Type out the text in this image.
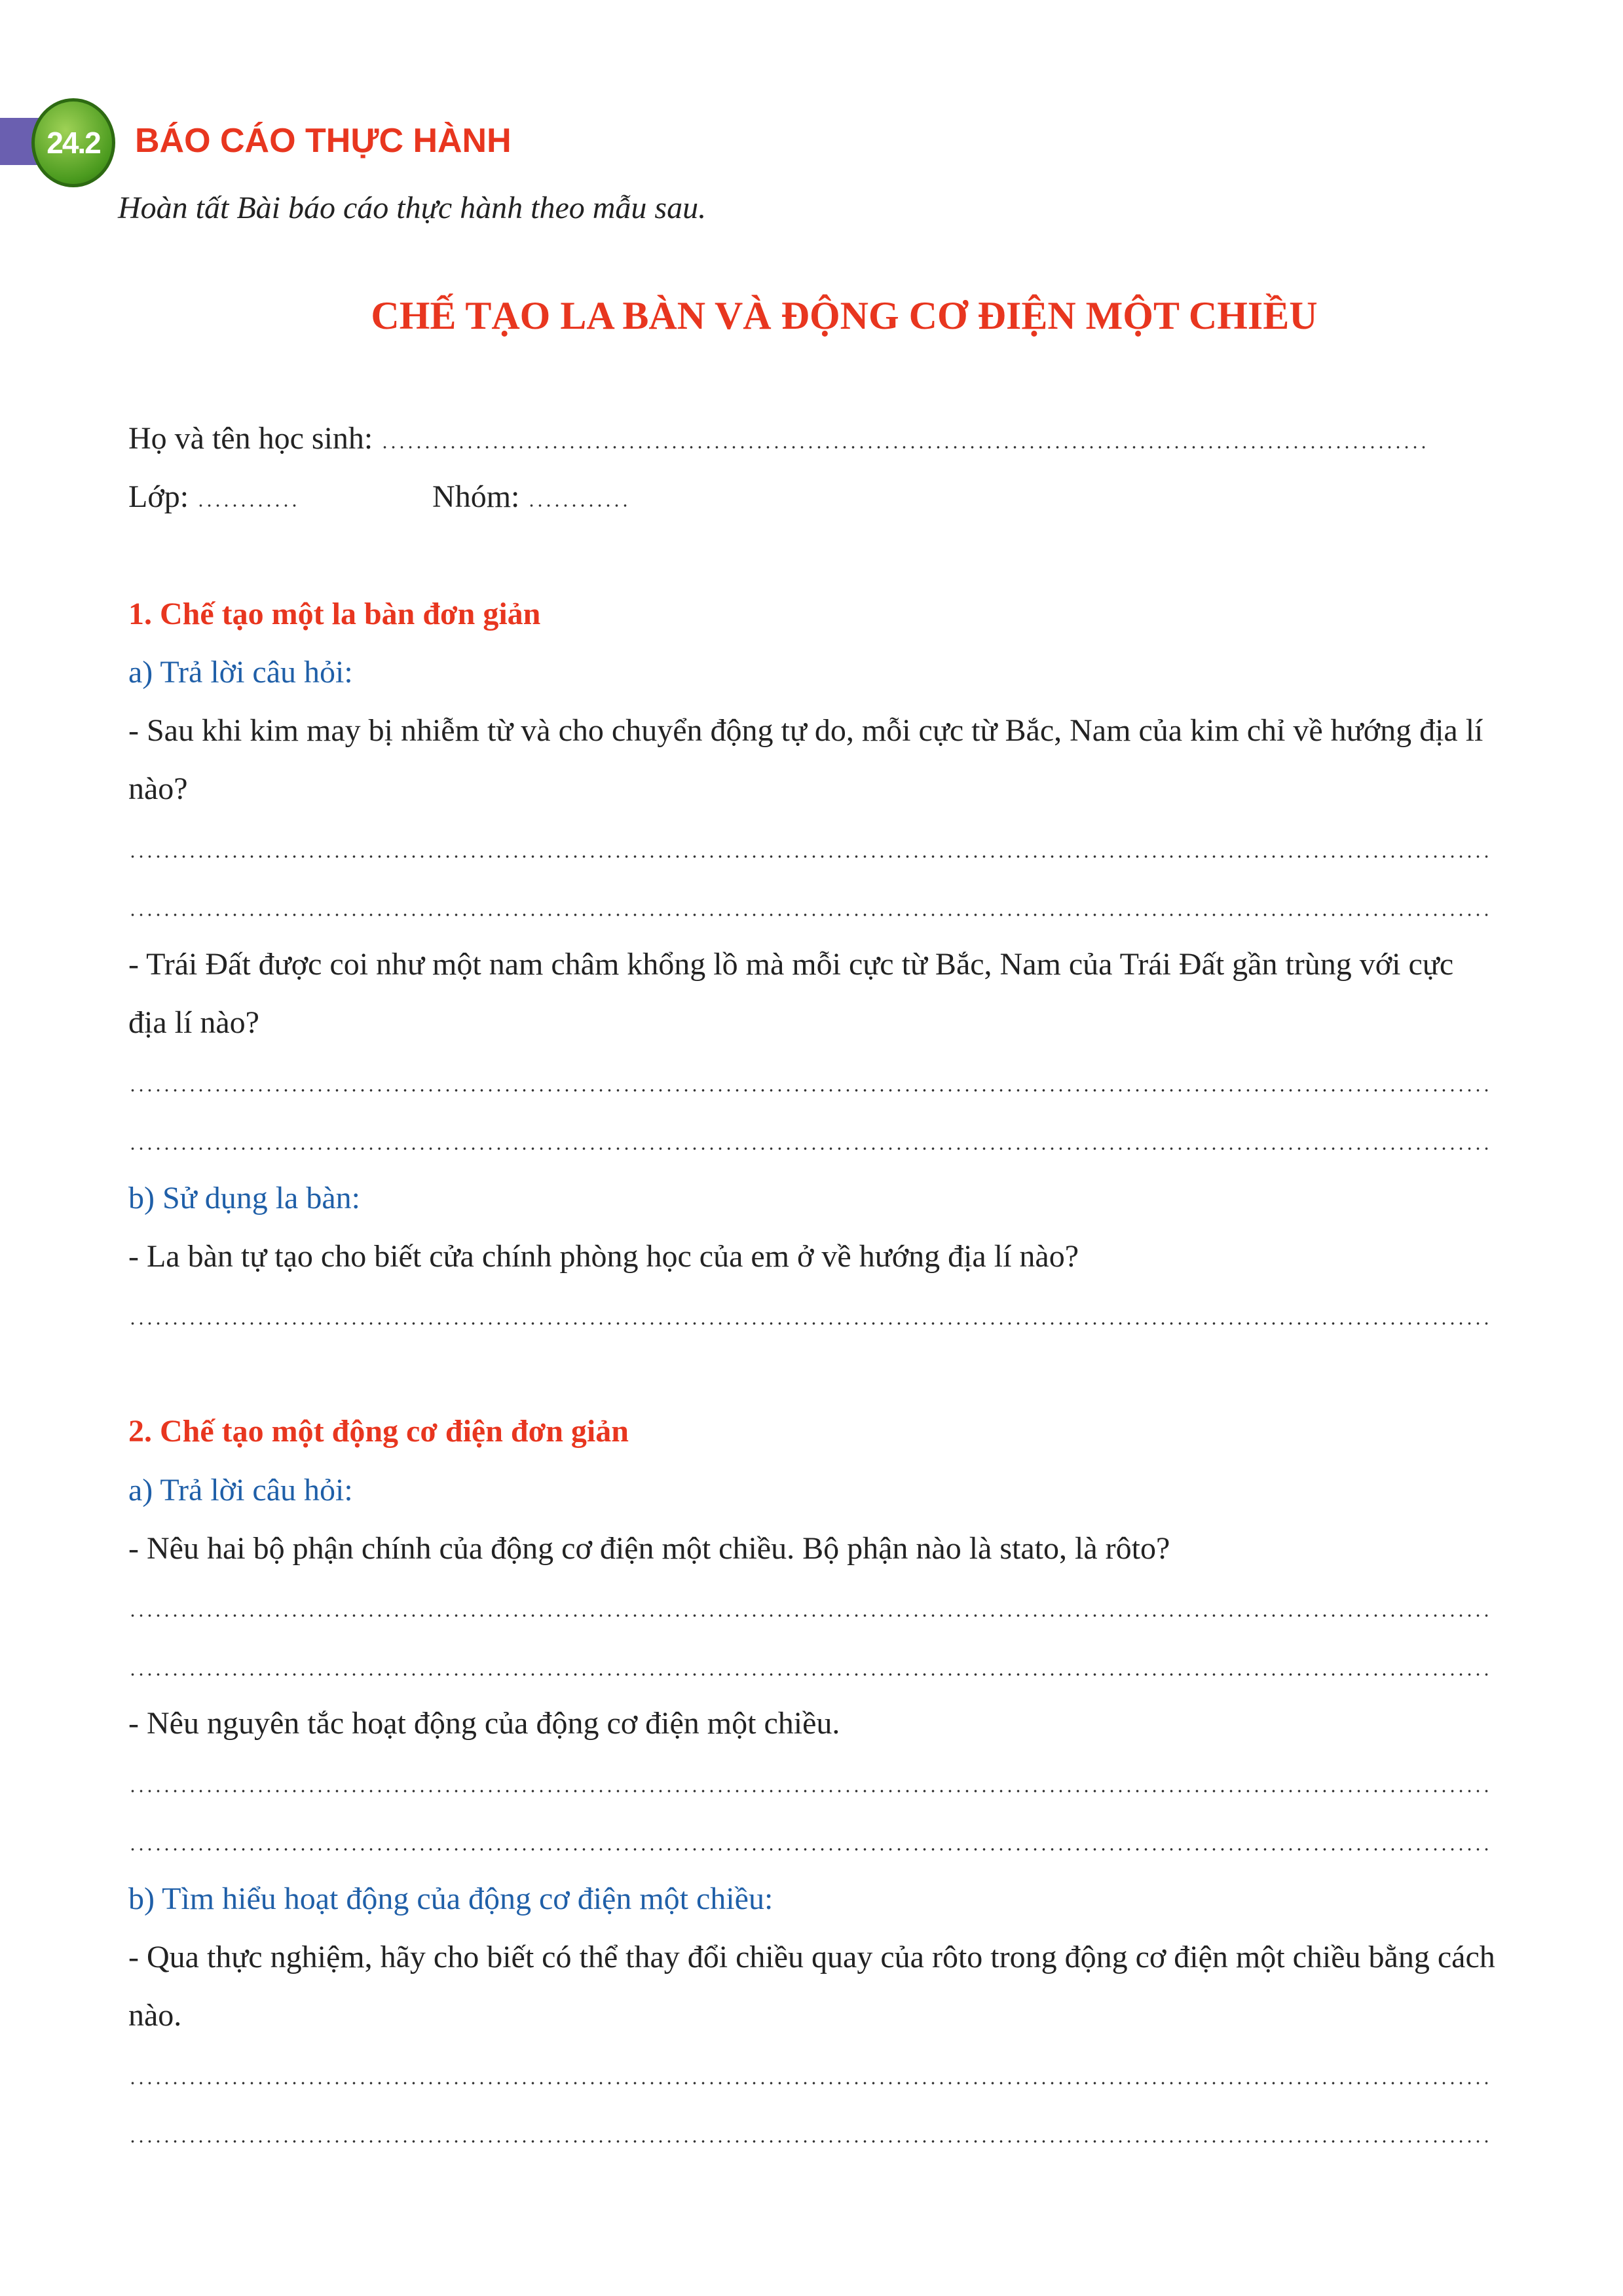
24.2	BÁO CÁO THỰC HÀNH
Hoàn tất Bài báo cáo thực hành theo mẫu sau.
CHẾ TẠO LA BÀN VÀ ĐỘNG CƠ ĐIỆN MỘT CHIỀU
Họ và tên học sinh:
Lớp:	Nhóm:
1. Chế tạo một la bàn đơn giản
a) Trả lời câu hỏi:
- Sau khi kim may bị nhiễm từ và cho chuyển động tự do, mỗi cực từ Bắc, Nam của kim chỉ về hướng địa lí nào?
- Trái Đất được coi như một nam châm khổng lồ mà mỗi cực từ Bắc, Nam của Trái Đất gần trùng với cực địa lí nào?
b) Sử dụng la bàn:
- La bàn tự tạo cho biết cửa chính phòng học của em ở về hướng địa lí nào?
2. Chế tạo một động cơ điện đơn giản
a) Trả lời câu hỏi:
- Nêu hai bộ phận chính của động cơ điện một chiều. Bộ phận nào là stato, là rôto?
- Nêu nguyên tắc hoạt động của động cơ điện một chiều.
b) Tìm hiểu hoạt động của động cơ điện một chiều:
- Qua thực nghiệm, hãy cho biết có thể thay đổi chiều quay của rôto trong động cơ điện một chiều bằng cách nào.
